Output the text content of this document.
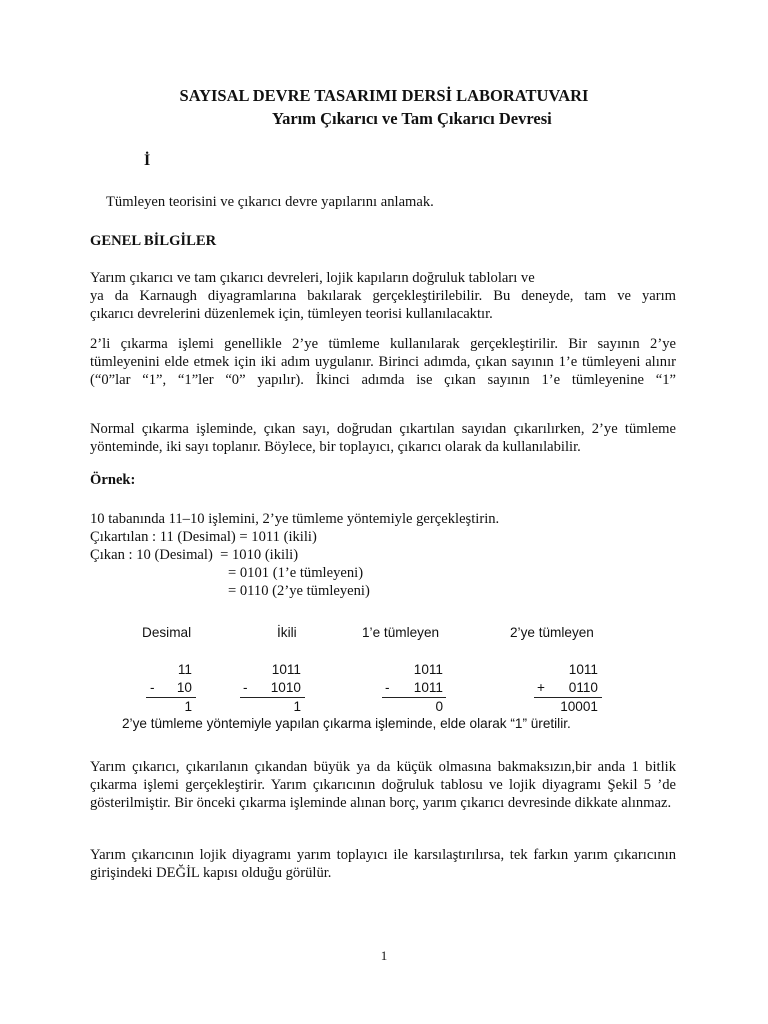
SAYISAL DEVRE TASARIMI DERSİ LABORATUVARI
Yarım Çıkarıcı ve Tam Çıkarıcı Devresi
İ
Tümleyen teorisini ve çıkarıcı devre yapılarını anlamak.
GENEL BİLGİLER
Yarım çıkarıcı ve tam çıkarıcı devreleri, lojik kapıların doğruluk tabloları ve
ya da Karnaugh diyagramlarına bakılarak gerçekleştirilebilir. Bu deneyde, tam ve yarım
çıkarıcı devrelerini düzenlemek için, tümleyen teorisi kullanılacaktır.
2’li çıkarma işlemi genellikle 2’ye tümleme kullanılarak gerçekleştirilir. Bir sayının 2’ye tümleyenini elde etmek için iki adım uygulanır. Birinci adımda, çıkan sayının 1’e tümleyeni alınır (“0”lar “1”, “1”ler “0” yapılır). İkinci adımda ise çıkan sayının 1’e tümleyenine “1”
Normal çıkarma işleminde, çıkan sayı, doğrudan çıkartılan sayıdan çıkarılırken, 2’ye tümleme yönteminde, iki sayı toplanır. Böylece, bir toplayıcı, çıkarıcı olarak da kullanılabilir.
Örnek:
10 tabanında 11–10 işlemini, 2’ye tümleme yöntemiyle gerçekleştirin.
Çıkartılan : 11 (Desimal) = 1011 (ikili)
Çıkan : 10 (Desimal)  = 1010 (ikili)
= 0101 (1’e tümleyeni)
= 0110 (2’ye tümleyeni)
Desimal	İkili	1’e tümleyen	2’ye tümleyen
11	1011	1011	1011
-	10	-	1010	-	1011	+	0110
1	1	0	10001
2’ye tümleme yöntemiyle yapılan çıkarma işleminde, elde olarak “1” üretilir.
Yarım çıkarıcı, çıkarılanın çıkandan büyük ya da küçük olmasına bakmaksızın,bir anda 1 bitlik çıkarma işlemi gerçekleştirir. Yarım çıkarıcının doğruluk tablosu ve lojik diyagramı Şekil 5 ’de gösterilmiştir. Bir önceki çıkarma işleminde alınan borç, yarım çıkarıcı devresinde dikkate alınmaz.
Yarım çıkarıcının lojik diyagramı yarım toplayıcı ile karsılaştırılırsa, tek farkın yarım çıkarıcının girişindeki DEĞİL kapısı olduğu görülür.
1
